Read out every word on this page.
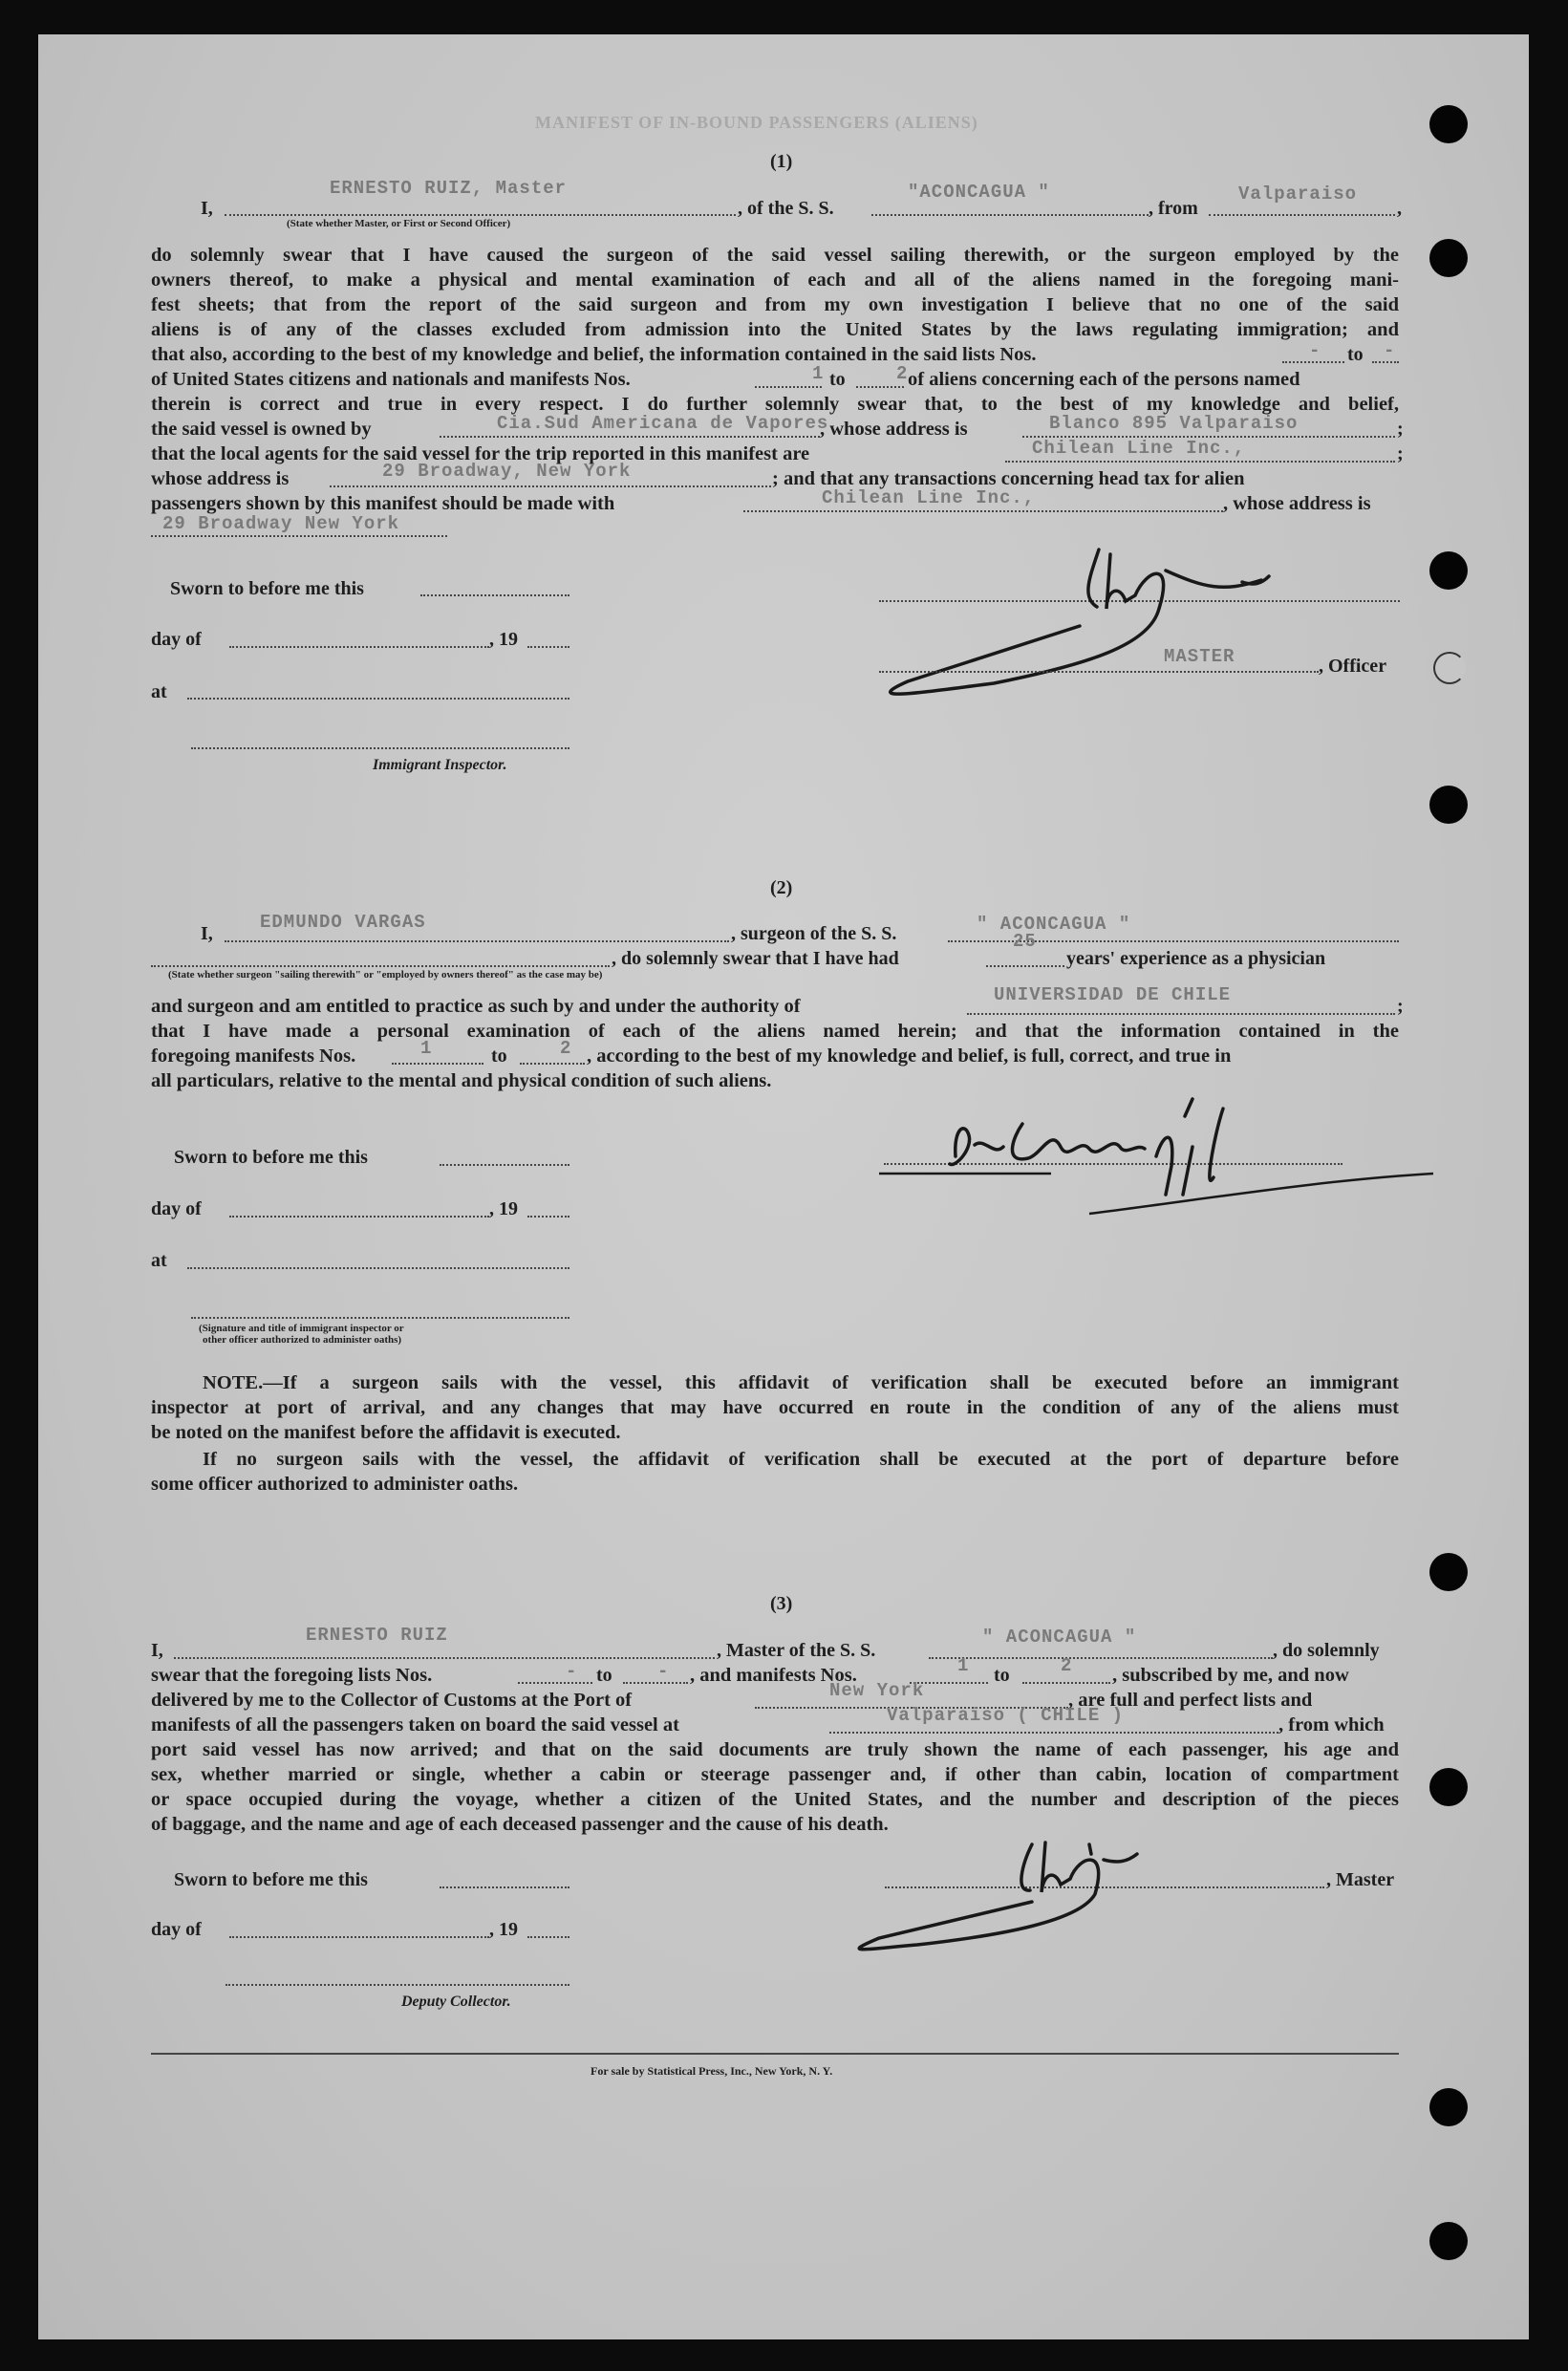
MANIFEST OF IN-BOUND PASSENGERS (ALIENS)
(1)
I,
ERNESTO RUIZ, Master
, of the S. S.
"ACONCAGUA "
, from
Valparaiso
,
(State whether Master, or First or Second Officer)
do solemnly swear that I have caused the surgeon of the said vessel sailing therewith, or the surgeon employed by the
owners thereof, to make a physical and mental examination of each and all of the aliens named in the foregoing mani-
fest sheets; that from the report of the said surgeon and from my own investigation I believe that no one of the said
aliens is of any of the classes excluded from admission into the United States by the laws regulating immigration; and
that also, according to the best of my knowledge and belief, the information contained in the said lists Nos.	- to -
of United States citizens and nationals and manifests Nos.	1 to	2 of aliens concerning each of the persons named
therein is correct and true in every respect. I do further solemnly swear that, to the best of my knowledge and belief,
the said vessel is owned by	Cia.Sud Americana de Vapores
, whose address is	Blanco 895 Valparaiso	;
that the local agents for the said vessel for the trip reported in this manifest are	Chilean Line Inc.,	;
whose address is	29 Broadway, New York	; and that any transactions concerning head tax for alien
passengers shown by this manifest should be made with	Chilean Line Inc.,	, whose address is
29 Broadway New York
Sworn to before me this
day of	, 19
MASTER	, Officer
at
Immigrant Inspector.
(2)
I,
EDMUNDO VARGAS
, surgeon of the S. S.	" ACONCAGUA "
, do solemnly swear that I have had
25
years' experience as a physician
(State whether surgeon "sailing therewith" or "employed by owners thereof" as the case may be)
and surgeon and am entitled to practice as such by and under the authority of
UNIVERSIDAD DE CHILE
;
that I have made a personal examination of each of the aliens named herein; and that the information contained in the
foregoing manifests Nos.	1	to	2 , according to the best of my knowledge and belief, is full, correct, and true in
all particulars, relative to the mental and physical condition of such aliens.
Sworn to before me this
day of	, 19
at
(Signature and title of immigrant inspector or
other officer authorized to administer oaths)
NOTE.—If a surgeon sails with the vessel, this affidavit of verification shall be executed before an immigrant
inspector at port of arrival, and any changes that may have occurred en route in the condition of any of the aliens must
be noted on the manifest before the affidavit is executed.
If no surgeon sails with the vessel, the affidavit of verification shall be executed at the port of departure before
some officer authorized to administer oaths.
(3)
I,
ERNESTO RUIZ
, Master of the S. S.
" ACONCAGUA "
, do solemnly
swear that the foregoing lists Nos.	- to - , and manifests Nos.	1 to	2 , subscribed by me, and now
delivered by me to the Collector of Customs at the Port of	New York	, are full and perfect lists and
manifests of all the passengers taken on board the said vessel at	Valparaiso ( CHILE )	, from which
port said vessel has now arrived; and that on the said documents are truly shown the name of each passenger, his age and
sex, whether married or single, whether a cabin or steerage passenger and, if other than cabin, location of compartment
or space occupied during the voyage, whether a citizen of the United States, and the number and description of the pieces
of baggage, and the name and age of each deceased passenger and the cause of his death.
Sworn to before me this	, Master
day of	, 19
Deputy Collector.
For sale by Statistical Press, Inc., New York, N. Y.
